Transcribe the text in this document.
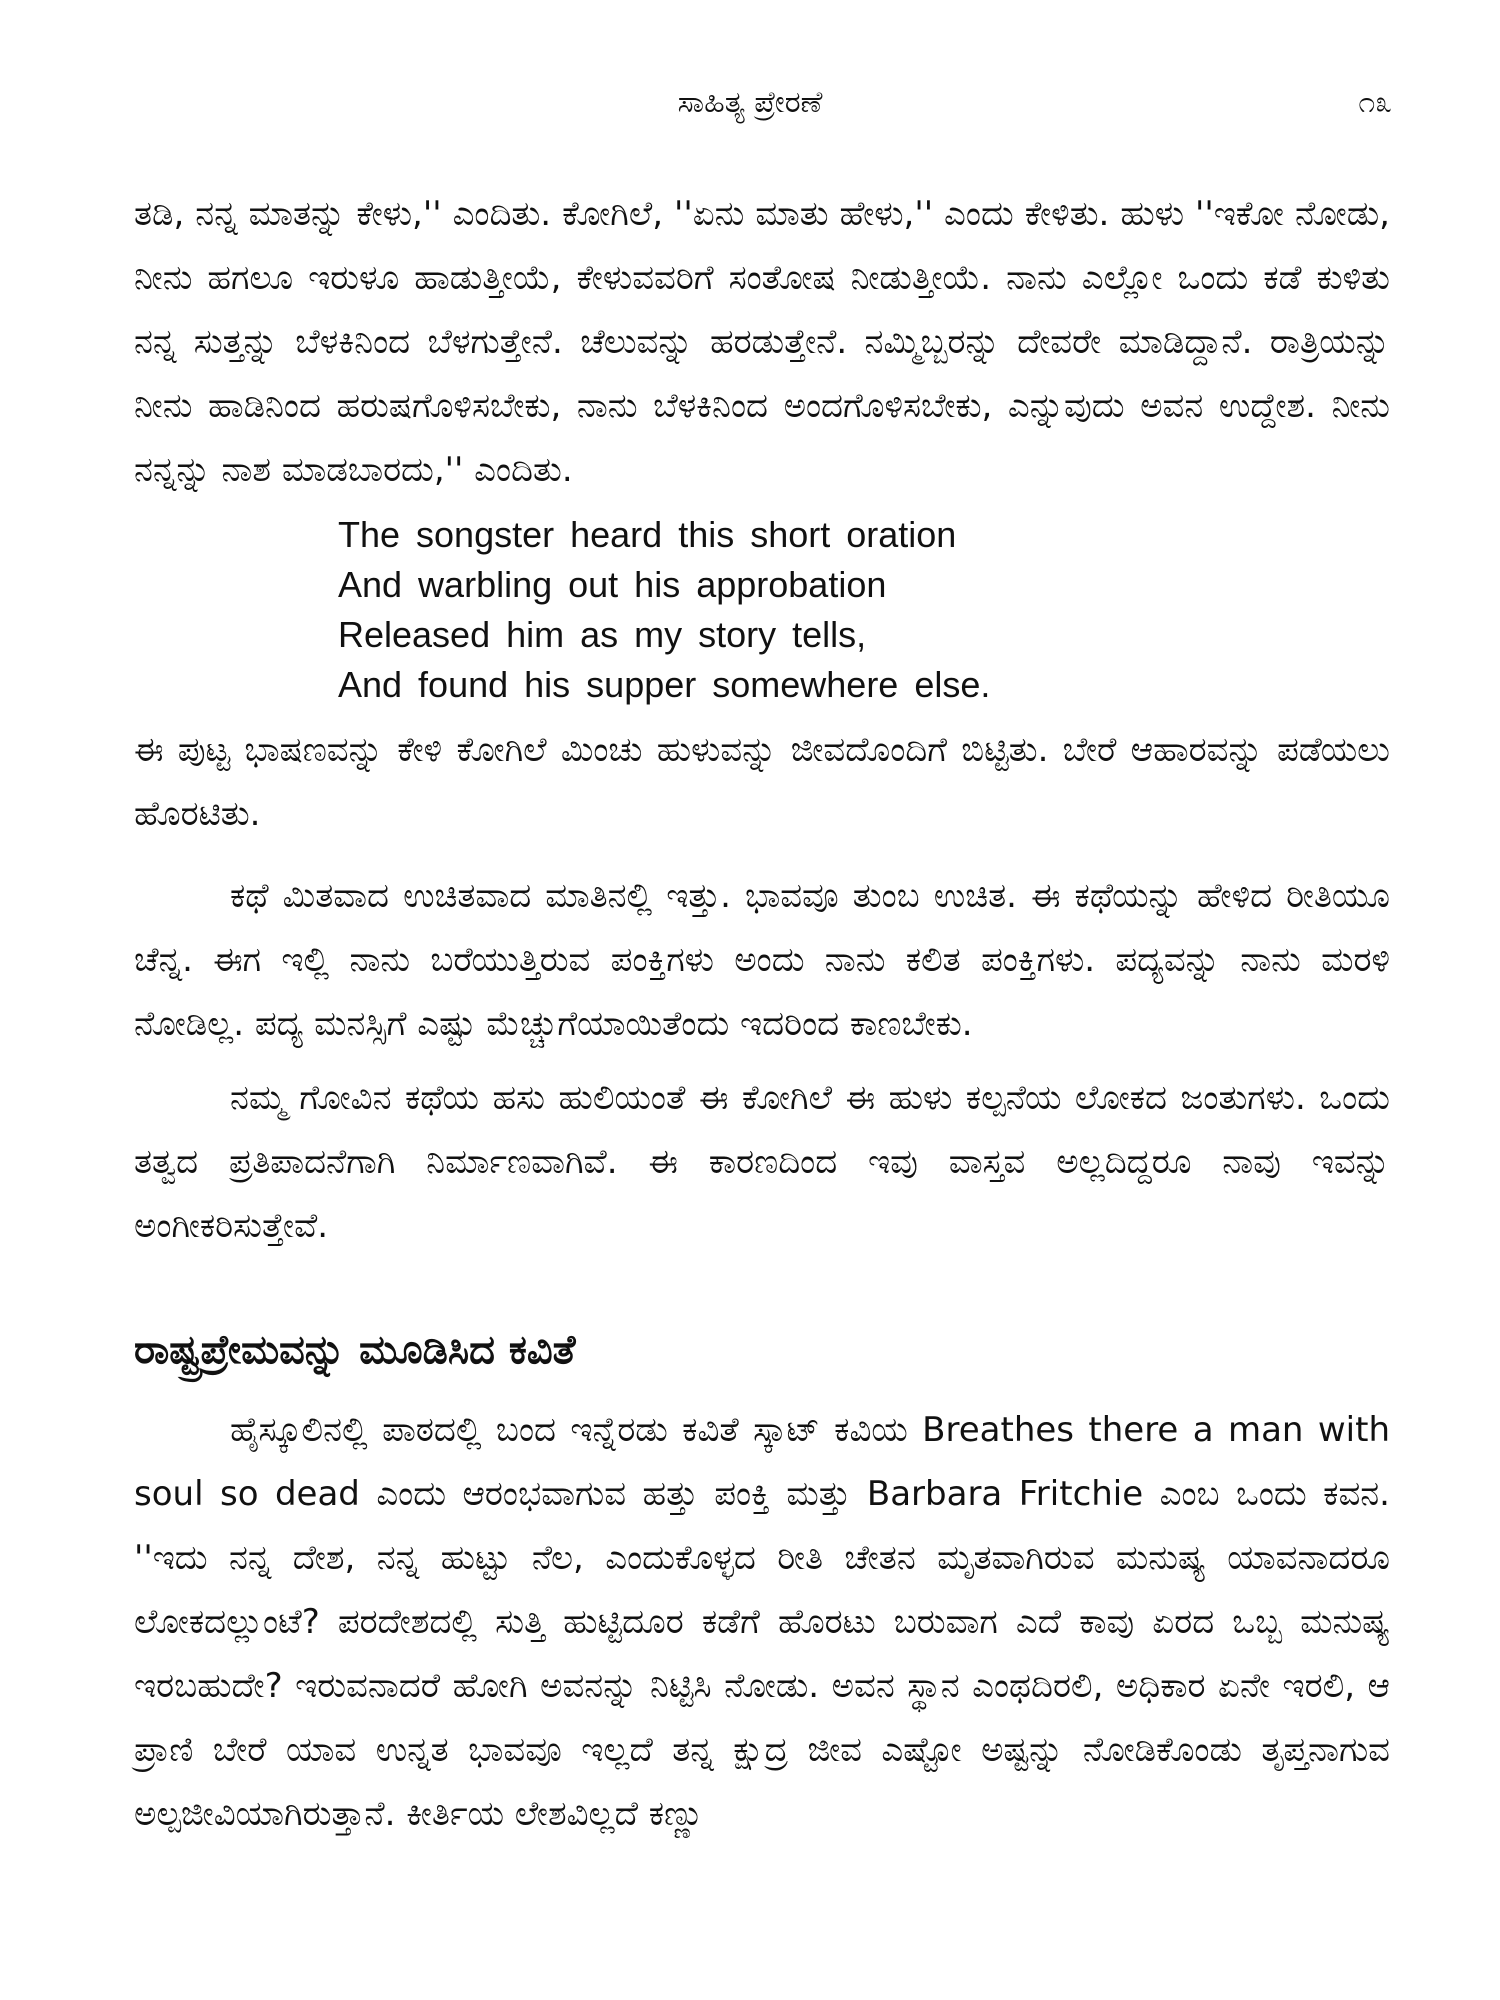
ಸಾಹಿತ್ಯ ಪ್ರೇರಣೆ	೧೩

ತಡಿ, ನನ್ನ ಮಾತನ್ನು ಕೇಳು,'' ಎಂದಿತು. ಕೋಗಿಲೆ, ''ಏನು ಮಾತು ಹೇಳು,'' ಎಂದು ಕೇಳಿತು. ಹುಳು ''ಇಕೋ ನೋಡು, ನೀನು ಹಗಲೂ ಇರುಳೂ ಹಾಡುತ್ತೀಯೆ, ಕೇಳುವವರಿಗೆ ಸಂತೋಷ ನೀಡುತ್ತೀಯೆ. ನಾನು ಎಲ್ಲೋ ಒಂದು ಕಡೆ ಕುಳಿತು ನನ್ನ ಸುತ್ತನ್ನು ಬೆಳಕಿನಿಂದ ಬೆಳಗುತ್ತೇನೆ. ಚೆಲುವನ್ನು ಹರಡುತ್ತೇನೆ. ನಮ್ಮಿಬ್ಬರನ್ನು ದೇವರೇ ಮಾಡಿದ್ದಾನೆ. ರಾತ್ರಿಯನ್ನು ನೀನು ಹಾಡಿನಿಂದ ಹರುಷಗೊಳಿಸಬೇಕು, ನಾನು ಬೆಳಕಿನಿಂದ ಅಂದಗೊಳಿಸಬೇಕು, ಎನ್ನುವುದು ಅವನ ಉದ್ದೇಶ. ನೀನು ನನ್ನನ್ನು ನಾಶ ಮಾಡಬಾರದು,'' ಎಂದಿತು.

The songster heard this short oration
And warbling out his approbation
Released him as my story tells,
And found his supper somewhere else.

ಈ ಪುಟ್ಟ ಭಾಷಣವನ್ನು ಕೇಳಿ ಕೋಗಿಲೆ ಮಿಂಚು ಹುಳುವನ್ನು ಜೀವದೊಂದಿಗೆ ಬಿಟ್ಟಿತು. ಬೇರೆ ಆಹಾರವನ್ನು ಪಡೆಯಲು ಹೊರಟಿತು.

ಕಥೆ ಮಿತವಾದ ಉಚಿತವಾದ ಮಾತಿನಲ್ಲಿ ಇತ್ತು. ಭಾವವೂ ತುಂಬ ಉಚಿತ. ಈ ಕಥೆಯನ್ನು ಹೇಳಿದ ರೀತಿಯೂ ಚೆನ್ನ. ಈಗ ಇಲ್ಲಿ ನಾನು ಬರೆಯುತ್ತಿರುವ ಪಂಕ್ತಿಗಳು ಅಂದು ನಾನು ಕಲಿತ ಪಂಕ್ತಿಗಳು. ಪದ್ಯವನ್ನು ನಾನು ಮರಳಿ ನೋಡಿಲ್ಲ. ಪದ್ಯ ಮನಸ್ಸಿಗೆ ಎಷ್ಟು ಮೆಚ್ಚುಗೆಯಾಯಿತೆಂದು ಇದರಿಂದ ಕಾಣಬೇಕು.

ನಮ್ಮ ಗೋವಿನ ಕಥೆಯ ಹಸು ಹುಲಿಯಂತೆ ಈ ಕೋಗಿಲೆ ಈ ಹುಳು ಕಲ್ಪನೆಯ ಲೋಕದ ಜಂತುಗಳು. ಒಂದು ತತ್ವದ ಪ್ರತಿಪಾದನೆಗಾಗಿ ನಿರ್ಮಾಣವಾಗಿವೆ. ಈ ಕಾರಣದಿಂದ ಇವು ವಾಸ್ತವ ಅಲ್ಲದಿದ್ದರೂ ನಾವು ಇವನ್ನು ಅಂಗೀಕರಿಸುತ್ತೇವೆ.

ರಾಷ್ಟ್ರಪ್ರೇಮವನ್ನು ಮೂಡಿಸಿದ ಕವಿತೆ

ಹೈಸ್ಕೂಲಿನಲ್ಲಿ ಪಾಠದಲ್ಲಿ ಬಂದ ಇನ್ನೆರಡು ಕವಿತೆ ಸ್ಕಾಟ್ ಕವಿಯ Breathes there a man with soul so dead ಎಂದು ಆರಂಭವಾಗುವ ಹತ್ತು ಪಂಕ್ತಿ ಮತ್ತು Barbara Fritchie ಎಂಬ ಒಂದು ಕವನ. ''ಇದು ನನ್ನ ದೇಶ, ನನ್ನ ಹುಟ್ಟು ನೆಲ, ಎಂದುಕೊಳ್ಳದ ರೀತಿ ಚೇತನ ಮೃತವಾಗಿರುವ ಮನುಷ್ಯ ಯಾವನಾದರೂ ಲೋಕದಲ್ಲುಂಟೆ? ಪರದೇಶದಲ್ಲಿ ಸುತ್ತಿ ಹುಟ್ಟಿದೂರ ಕಡೆಗೆ ಹೊರಟು ಬರುವಾಗ ಎದೆ ಕಾವು ಏರದ ಒಬ್ಬ ಮನುಷ್ಯ ಇರಬಹುದೇ? ಇರುವನಾದರೆ ಹೋಗಿ ಅವನನ್ನು ನಿಟ್ಟಿಸಿ ನೋಡು. ಅವನ ಸ್ಥಾನ ಎಂಥದಿರಲಿ, ಅಧಿಕಾರ ಏನೇ ಇರಲಿ, ಆ ಪ್ರಾಣಿ ಬೇರೆ ಯಾವ ಉನ್ನತ ಭಾವವೂ ಇಲ್ಲದೆ ತನ್ನ ಕ್ಷುದ್ರ ಜೀವ ಎಷ್ಟೋ ಅಷ್ಟನ್ನು ನೋಡಿಕೊಂಡು ತೃಪ್ತನಾಗುವ ಅಲ್ಪಜೀವಿಯಾಗಿರುತ್ತಾನೆ. ಕೀರ್ತಿಯ ಲೇಶವಿಲ್ಲದೆ ಕಣ್ಣು
